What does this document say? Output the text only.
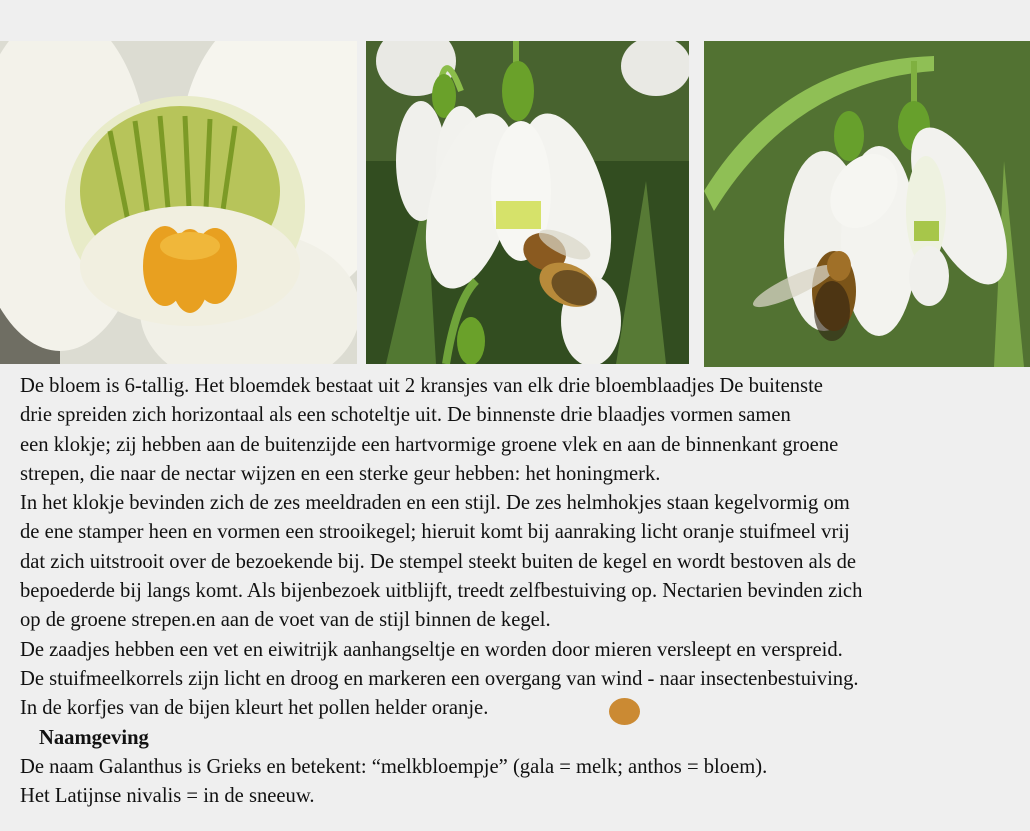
De bloem is 6-tallig. Het bloemdek bestaat uit 2 kransjes van elk drie bloemblaadjes De buitenste
drie spreiden zich horizontaal als een schoteltje uit. De binnenste drie blaadjes vormen samen
een klokje; zij hebben aan de buitenzijde een hartvormige groene vlek en aan de binnenkant groene
strepen, die naar de nectar wijzen en een sterke geur hebben: het honingmerk.
In het klokje bevinden zich de zes meeldraden en een stijl. De zes helmhokjes staan kegelvormig om
de ene stamper heen en vormen een strooikegel; hieruit komt bij aanraking licht oranje stuifmeel vrij
dat zich uitstrooit over de bezoekende bij. De stempel steekt buiten de kegel en wordt bestoven als de
bepoederde bij langs komt. Als bijenbezoek uitblijft, treedt zelfbestuiving op. Nectarien bevinden zich
op de groene strepen.en aan de voet van de stijl binnen de kegel.
De zaadjes hebben een vet en eiwitrijk aanhangseltje en worden door mieren versleept en verspreid.
De stuifmeelkorrels zijn licht en droog en markeren een overgang van wind - naar insectenbestuiving.
In de korfjes van de bijen kleurt het pollen helder oranje.
Naamgeving
De naam Galanthus is Grieks en betekent: “melkbloempje” (gala = melk; anthos = bloem).
Het Latijnse nivalis = in de sneeuw.
